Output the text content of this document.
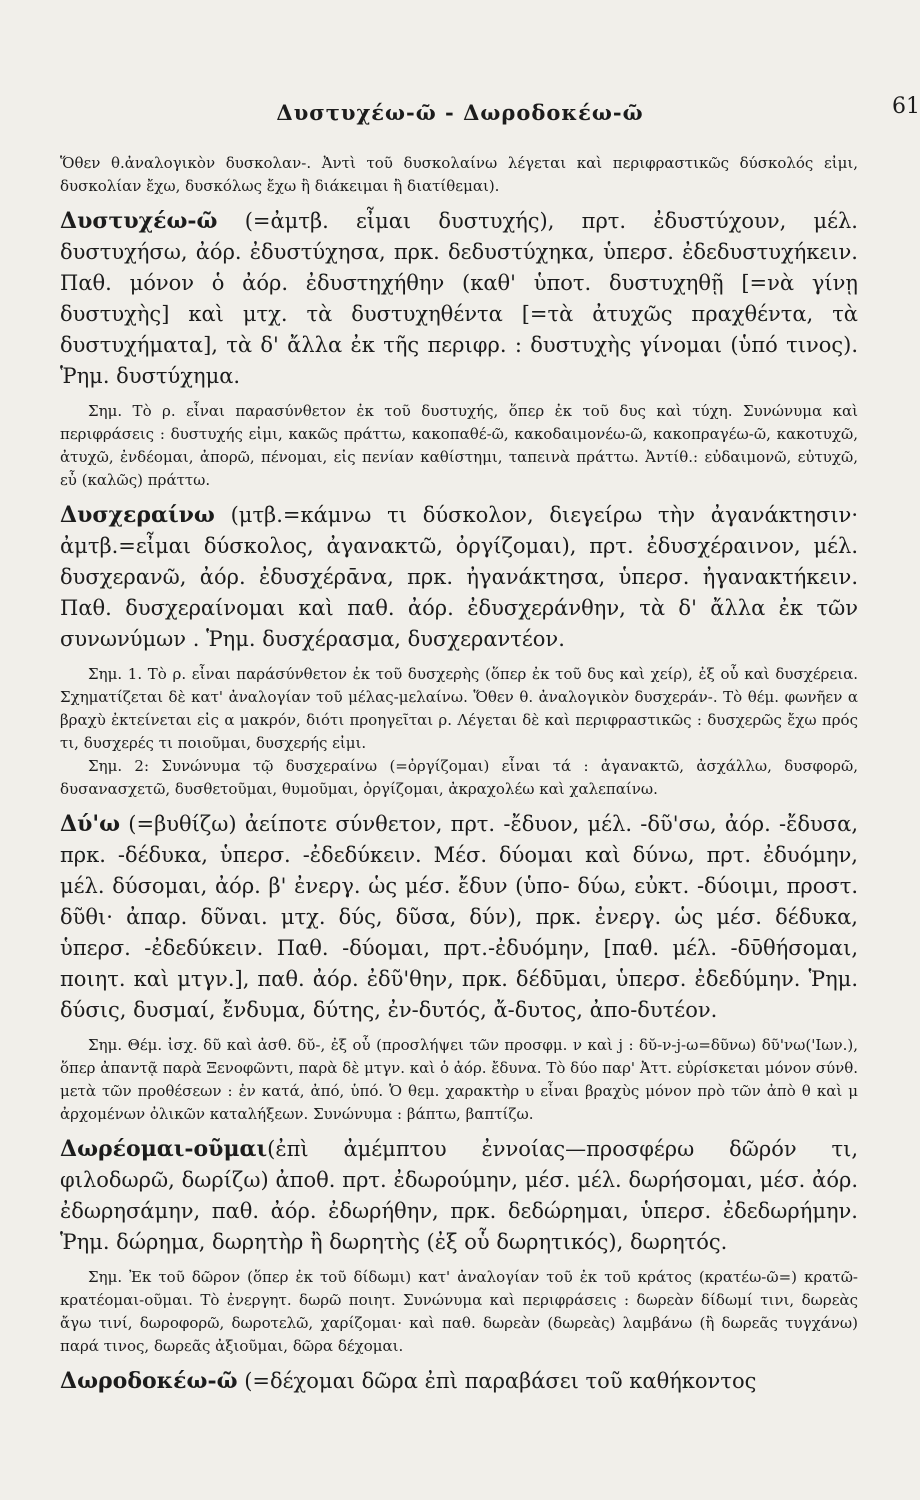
Δυστυχέω-ῶ - Δωροδοκέω-ῶ	61

Ὅθεν θ.ἀναλογικὸν δυσκολαν-. Ἀντὶ τοῦ δυσκολαίνω λέγεται καὶ περιφραστικῶς δύσκολός εἰμι, δυσκολίαν ἔχω, δυσκόλως ἔχω ἢ διάκειμαι ἢ διατίθεμαι).

Δυστυχέω-ῶ (=ἀμτβ. εἶμαι δυστυχής), πρτ. ἐδυστύχουν, μέλ. δυστυχήσω, ἀόρ. ἐδυστύχησα, πρκ. δεδυστύχηκα, ὑπερσ. ἐδεδυστυχήκειν. Παθ. μόνον ὁ ἀόρ. ἐδυστηχήθην (καθ' ὑποτ. δυστυχηθῇ [=νὰ γίνῃ δυστυχὴς] καὶ μτχ. τὰ δυστυχηθέντα [=τὰ ἀτυχῶς πραχθέντα, τὰ δυστυχήματα], τὰ δ' ἄλλα ἐκ τῆς περιφρ. : δυστυχὴς γίνομαι (ὑπό τινος). Ῥημ. δυστύχημα.

Σημ. Τὸ ρ. εἶναι παρασύνθετον ἐκ τοῦ δυστυχής, ὅπερ ἐκ τοῦ δυς καὶ τύχη. Συνώνυμα καὶ περιφράσεις : δυστυχής εἰμι, κακῶς πράττω, κακοπαθέ-ῶ, κακοδαιμονέω-ῶ, κακοπραγέω-ῶ, κακοτυχῶ, ἀτυχῶ, ἐνδέομαι, ἀπορῶ, πένομαι, εἰς πενίαν καθίστημι, ταπεινὰ πράττω. Ἀντίθ.: εὐδαιμονῶ, εὐτυχῶ, εὖ (καλῶς) πράττω.

Δυσχεραίνω (μτβ.=κάμνω τι δύσκολον, διεγείρω τὴν ἀγανάκτησιν· ἀμτβ.=εἶμαι δύσκολος, ἀγανακτῶ, ὀργίζομαι), πρτ. ἐδυσχέραινον, μέλ. δυσχερανῶ, ἀόρ. ἐδυσχέρᾱνα, πρκ. ἠγανάκτησα, ὑπερσ. ἠγανακτήκειν. Παθ. δυσχεραίνομαι καὶ παθ. ἀόρ. ἐδυσχεράνθην, τὰ δ' ἄλλα ἐκ τῶν συνωνύμων . Ῥημ. δυσχέρασμα, δυσχεραντέον.

Σημ. 1. Τὸ ρ. εἶναι παράσύνθετον ἐκ τοῦ δυσχερὴς (ὅπερ ἐκ τοῦ δυς καὶ χείρ), ἐξ οὗ καὶ δυσχέρεια. Σχηματίζεται δὲ κατ' ἀναλογίαν τοῦ μέλας-μελαίνω. Ὅθεν θ. ἀναλογικὸν δυσχεράν-. Τὸ θέμ. φωνῆεν α βραχὺ ἐκτείνεται εἰς α μακρόν, διότι προηγεῖται ρ. Λέγεται δὲ καὶ περιφραστικῶς : δυσχερῶς ἔχω πρός τι, δυσχερές τι ποιοῦμαι, δυσχερής εἰμι.

Σημ. 2: Συνώνυμα τῷ δυσχεραίνω (=ὀργίζομαι) εἶναι τά : ἀγανακτῶ, ἀσχάλλω, δυσφορῶ, δυσανασχετῶ, δυσθετοῦμαι, θυμοῦμαι, ὀργίζομαι, ἀκραχολέω καὶ χαλεπαίνω.

Δύ'ω (=βυθίζω) ἀείποτε σύνθετον, πρτ. -ἔδυον, μέλ. -δῦ'σω, ἀόρ. -ἔδυσα, πρκ. -δέδυκα, ὑπερσ. -ἐδεδύκειν. Μέσ. δύομαι καὶ δύνω, πρτ. ἐδυόμην, μέλ. δύσομαι, ἀόρ. β' ἐνεργ. ὡς μέσ. ἔδυν (ὑπο- δύω, εὐκτ. -δύοιμι, προστ. δῦθι· ἀπαρ. δῦναι. μτχ. δύς, δῦσα, δύν), πρκ. ἐνεργ. ὡς μέσ. δέδυκα, ὑπερσ. -ἐδεδύκειν. Παθ. -δύομαι, πρτ.-ἐδυόμην, [παθ. μέλ. -δῡθήσομαι, ποιητ. καὶ μτγν.], παθ. ἀόρ. ἐδῦ'θην, πρκ. δέδῡμαι, ὑπερσ. ἐδεδύμην. Ῥημ. δύσις, δυσμαί, ἔνδυμα, δύτης, ἐν-δυτός, ἄ-δυτος, ἀπο-δυτέον.

Σημ. Θέμ. ἰσχ. δῦ καὶ ἀσθ. δῠ-, ἐξ οὗ (προσλήψει τῶν προσφμ. ν καὶ j : δῠ-ν-j-ω=δῦνω) δῦ'νω('Ιων.), ὅπερ ἀπαντᾷ παρὰ Ξενοφῶντι, παρὰ δὲ μτγν. καὶ ὁ ἀόρ. ἔδυνα. Τὸ δύο παρ' Ἀττ. εὑρίσκεται μόνον σύνθ. μετὰ τῶν προθέσεων : ἐν κατά, ἀπό, ὑπό. Ὁ θεμ. χαρακτὴρ υ εἶναι βραχὺς μόνον πρὸ τῶν ἀπὸ θ καὶ μ ἀρχομένων ὀλικῶν καταλήξεων. Συνώνυμα : βάπτω, βαπτίζω.

Δωρέομαι-οῦμαι(ἐπὶ ἀμέμπτου ἐννοίας—προσφέρω δῶρόν τι, φιλοδωρῶ, δωρίζω) ἀποθ. πρτ. ἐδωρούμην, μέσ. μέλ. δωρήσομαι, μέσ. ἀόρ. ἐδωρησάμην, παθ. ἀόρ. ἐδωρήθην, πρκ. δεδώρημαι, ὑπερσ. ἐδεδωρήμην. Ῥημ. δώρημα, δωρητὴρ ἢ δωρητὴς (ἐξ οὗ δωρητικός), δωρητός.

Σημ. Ἐκ τοῦ δῶρον (ὅπερ ἐκ τοῦ δίδωμι) κατ' ἀναλογίαν τοῦ ἐκ τοῦ κράτος (κρατέω-ῶ=) κρατῶ-κρατέομαι-οῦμαι. Τὸ ἐνεργητ. δωρῶ ποιητ. Συνώνυμα καὶ περιφράσεις : δωρεὰν δίδωμί τινι, δωρεὰς ἄγω τινί, δωροφορῶ, δωροτελῶ, χαρίζομαι· καὶ παθ. δωρεὰν (δωρεὰς) λαμβάνω (ἢ δωρεᾶς τυγχάνω) παρά τινος, δωρεᾶς ἀξιοῦμαι, δῶρα δέχομαι.

Δωροδοκέω-ῶ (=δέχομαι δῶρα ἐπὶ παραβάσει τοῦ καθήκοντος
